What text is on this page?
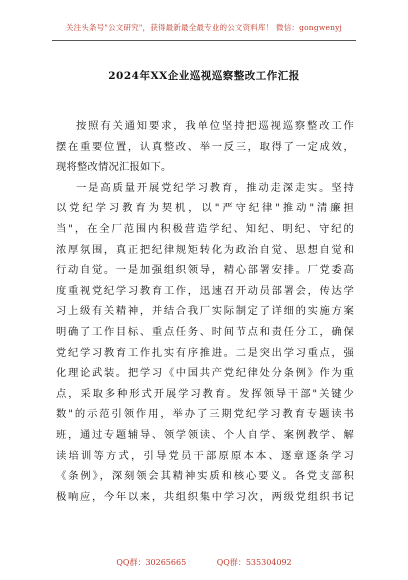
关注头条号"公文研究"，获得最新最全最专业的公文资料库！ 微信：gongwenyj
2024年XX企业巡视巡察整改工作汇报
按照有关通知要求，我单位坚持把巡视巡察整改工作
摆在重要位置，认真整改、举一反三，取得了一定成效，
现将整改情况汇报如下。
一是高质量开展党纪学习教育，推动走深走实。坚持
以党纪学习教育为契机，以"严守纪律"推动"清廉担
当"，在全厂范围内积极营造学纪、知纪、明纪、守纪的
浓厚氛围，真正把纪律规矩转化为政治自觉、思想自觉和
行动自觉。一是加强组织领导，精心部署安排。厂党委高
度重视党纪学习教育工作，迅速召开动员部署会，传达学
习上级有关精神，并结合我厂实际制定了详细的实施方案
明确了工作目标、重点任务、时间节点和责任分工，确保
党纪学习教育工作扎实有序推进。二是突出学习重点，强
化理论武装。把学习《中国共产党纪律处分条例》作为重
点，采取多种形式开展学习教育。发挥领导干部"关键少
数"的示范引领作用，举办了三期党纪学习教育专题读书
班，通过专题辅导、领学领读、个人自学、案例教学、解
读培训等方式，引导党员干部原原本本、逐章逐条学习
《条例》，深刻领会其精神实质和核心要义。各党支部积
极响应，今年以来，共组织集中学习次，两级党组织书记
QQ群：30265665	QQ群：535304092
